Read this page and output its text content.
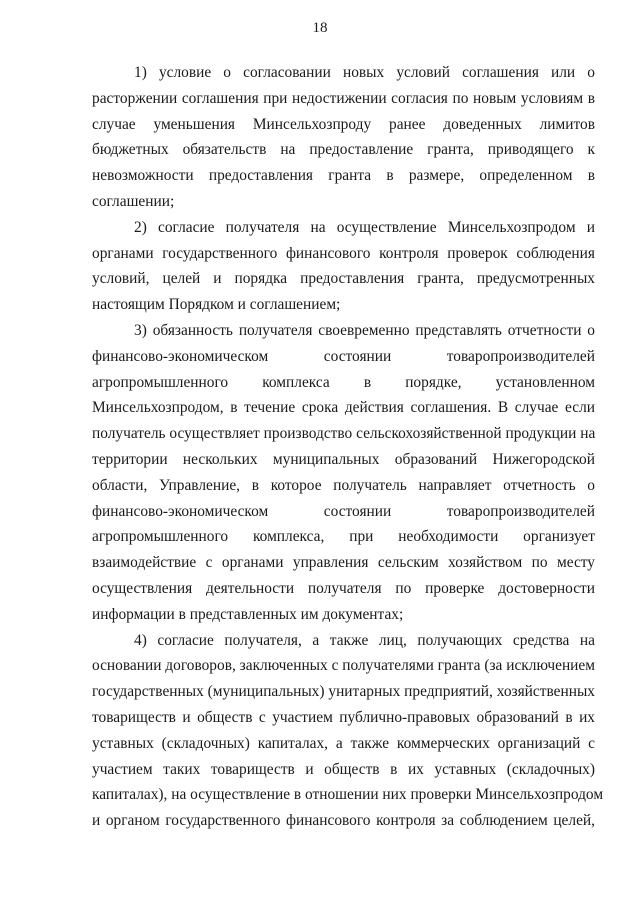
18

1) условие о согласовании новых условий соглашения или о
расторжении соглашения при недостижении согласия по новым условиям в
случае уменьшения Минсельхозпроду ранее доведенных лимитов
бюджетных обязательств на предоставление гранта, приводящего к
невозможности предоставления гранта в размере, определенном в
соглашении;

2) согласие получателя на осуществление Минсельхозпродом и
органами государственного финансового контроля проверок соблюдения
условий, целей и порядка предоставления гранта, предусмотренных
настоящим Порядком и соглашением;

3) обязанность получателя своевременно представлять отчетности о
финансово-экономическом состоянии товаропроизводителей
агропромышленного комплекса в порядке, установленном
Минсельхозпродом, в течение срока действия соглашения. В случае если
получатель осуществляет производство сельскохозяйственной продукции на
территории нескольких муниципальных образований Нижегородской
области, Управление, в которое получатель направляет отчетность о
финансово-экономическом состоянии товаропроизводителей
агропромышленного комплекса, при необходимости организует
взаимодействие с органами управления сельским хозяйством по месту
осуществления деятельности получателя по проверке достоверности
информации в представленных им документах;

4) согласие получателя, а также лиц, получающих средства на
основании договоров, заключенных с получателями гранта (за исключением
государственных (муниципальных) унитарных предприятий, хозяйственных
товариществ и обществ с участием публично-правовых образований в их
уставных (складочных) капиталах, а также коммерческих организаций с
участием таких товариществ и обществ в их уставных (складочных)
капиталах), на осуществление в отношении них проверки Минсельхозпродом
и органом государственного финансового контроля за соблюдением целей,
